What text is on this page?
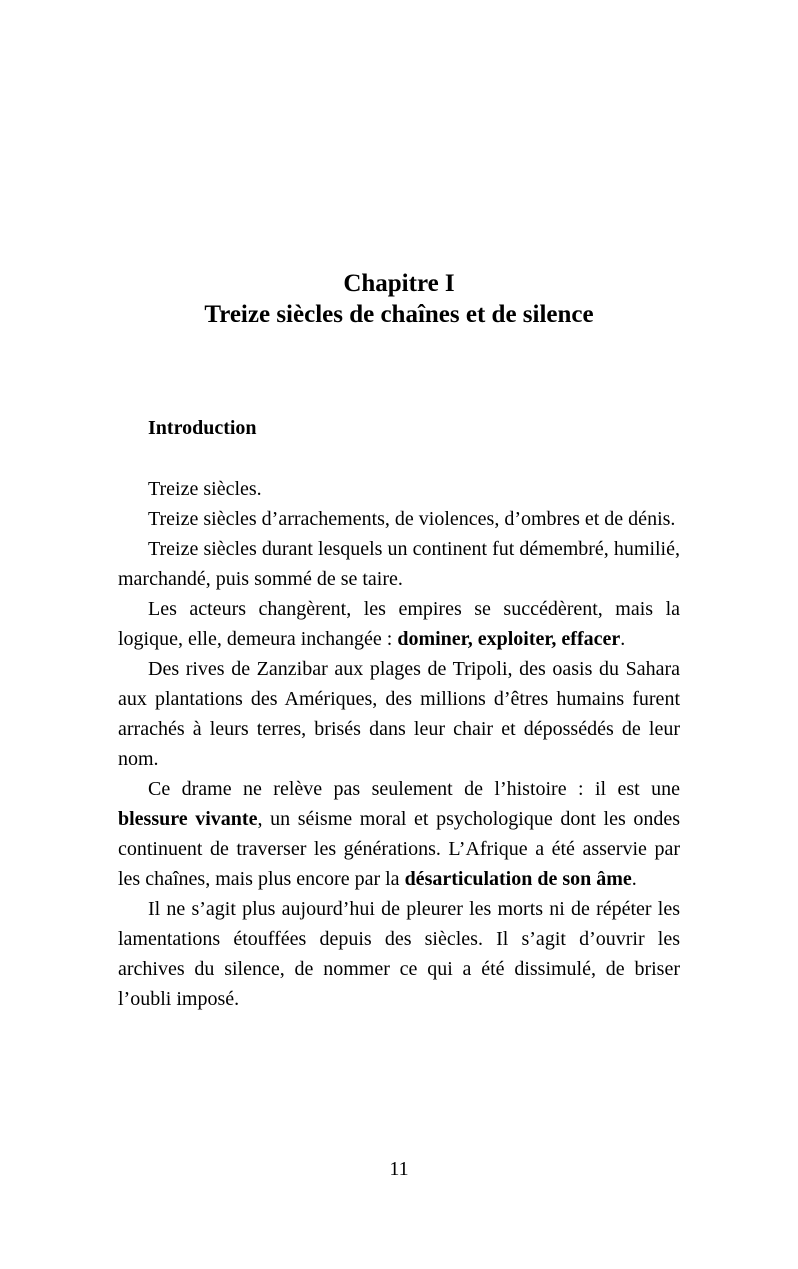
Chapitre I
Treize siècles de chaînes et de silence
Introduction

Treize siècles.

Treize siècles d’arrachements, de violences, d’ombres et de dénis.

Treize siècles durant lesquels un continent fut démembré, humilié, marchandé, puis sommé de se taire.

Les acteurs changèrent, les empires se succédèrent, mais la logique, elle, demeura inchangée : dominer, exploiter, effacer.

Des rives de Zanzibar aux plages de Tripoli, des oasis du Sahara aux plantations des Amériques, des millions d’êtres humains furent arrachés à leurs terres, brisés dans leur chair et dépossédés de leur nom.

Ce drame ne relève pas seulement de l’histoire : il est une blessure vivante, un séisme moral et psychologique dont les ondes continuent de traverser les générations. L’Afrique a été asservie par les chaînes, mais plus encore par la désarticulation de son âme.

Il ne s’agit plus aujourd’hui de pleurer les morts ni de répéter les lamentations étouffées depuis des siècles. Il s’agit d’ouvrir les archives du silence, de nommer ce qui a été dissimulé, de briser l’oubli imposé.

11
